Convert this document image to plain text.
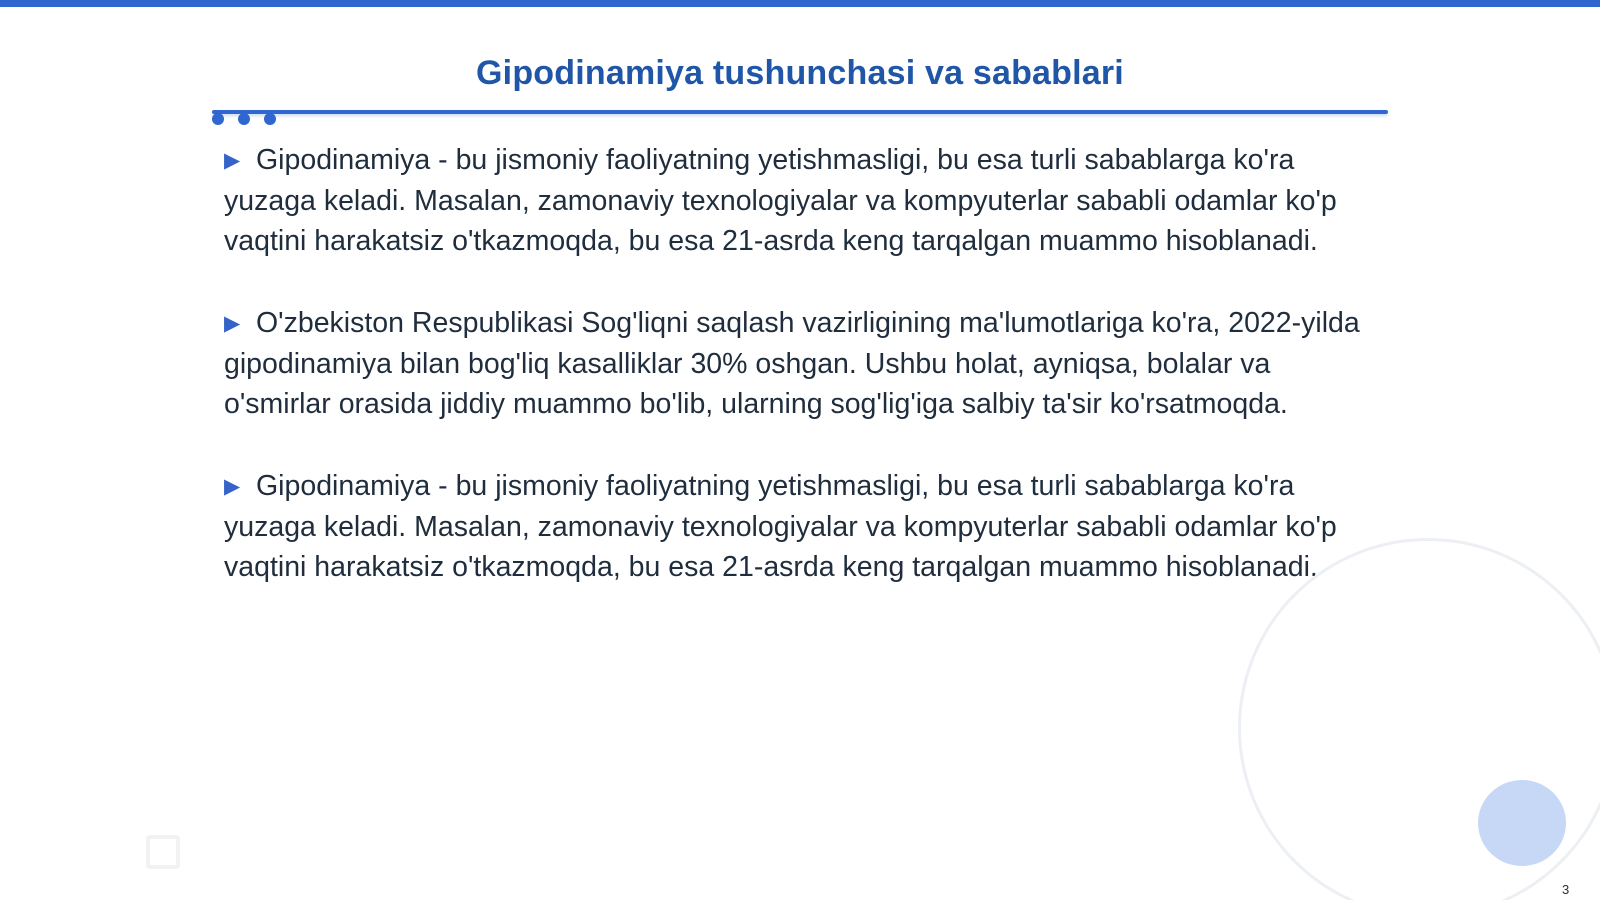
Gipodinamiya tushunchasi va sabablari

▶ Gipodinamiya - bu jismoniy faoliyatning yetishmasligi, bu esa turli sabablarga ko'ra yuzaga keladi. Masalan, zamonaviy texnologiyalar va kompyuterlar sababli odamlar ko'p vaqtini harakatsiz o'tkazmoqda, bu esa 21-asrda keng tarqalgan muammo hisoblanadi.

▶ O'zbekiston Respublikasi Sog'liqni saqlash vazirligining ma'lumotlariga ko'ra, 2022-yilda gipodinamiya bilan bog'liq kasalliklar 30% oshgan. Ushbu holat, ayniqsa, bolalar va o'smirlar orasida jiddiy muammo bo'lib, ularning sog'lig'iga salbiy ta'sir ko'rsatmoqda.

▶ Gipodinamiya - bu jismoniy faoliyatning yetishmasligi, bu esa turli sabablarga ko'ra yuzaga keladi. Masalan, zamonaviy texnologiyalar va kompyuterlar sababli odamlar ko'p vaqtini harakatsiz o'tkazmoqda, bu esa 21-asrda keng tarqalgan muammo hisoblanadi.

3
